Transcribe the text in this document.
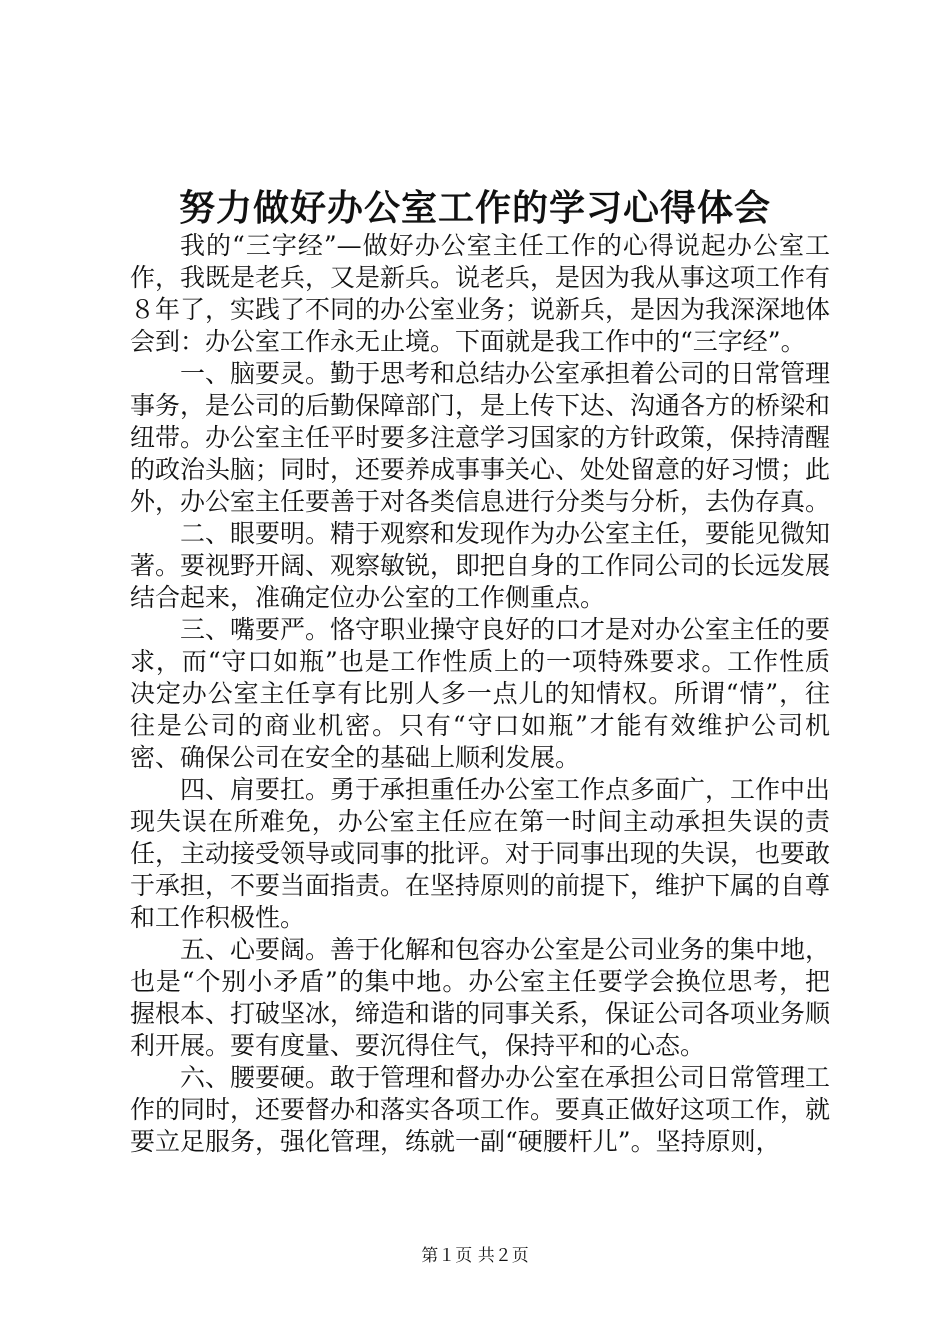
努力做好办公室工作的学习心得体会

我的“三字经”—做好办公室主任工作的心得说起办公室工作，我既是老兵，又是新兵。说老兵，是因为我从事这项工作有８年了，实践了不同的办公室业务；说新兵，是因为我深深地体会到：办公室工作永无止境。下面就是我工作中的“三字经”。

一、脑要灵。勤于思考和总结办公室承担着公司的日常管理事务，是公司的后勤保障部门，是上传下达、沟通各方的桥梁和纽带。办公室主任平时要多注意学习国家的方针政策，保持清醒的政治头脑；同时，还要养成事事关心、处处留意的好习惯；此外，办公室主任要善于对各类信息进行分类与分析，去伪存真。

二、眼要明。精于观察和发现作为办公室主任，要能见微知著。要视野开阔、观察敏锐，即把自身的工作同公司的长远发展结合起来，准确定位办公室的工作侧重点。

三、嘴要严。恪守职业操守良好的口才是对办公室主任的要求，而“守口如瓶”也是工作性质上的一项特殊要求。工作性质决定办公室主任享有比别人多一点儿的知情权。所谓“情”，往往是公司的商业机密。只有“守口如瓶”才能有效维护公司机密、确保公司在安全的基础上顺利发展。

四、肩要扛。勇于承担重任办公室工作点多面广，工作中出现失误在所难免，办公室主任应在第一时间主动承担失误的责任，主动接受领导或同事的批评。对于同事出现的失误，也要敢于承担，不要当面指责。在坚持原则的前提下，维护下属的自尊和工作积极性。

五、心要阔。善于化解和包容办公室是公司业务的集中地，也是“个别小矛盾”的集中地。办公室主任要学会换位思考，把握根本、打破坚冰，缔造和谐的同事关系，保证公司各项业务顺利开展。要有度量、要沉得住气，保持平和的心态。

六、腰要硬。敢于管理和督办办公室在承担公司日常管理工作的同时，还要督办和落实各项工作。要真正做好这项工作，就要立足服务，强化管理，练就一副“硬腰杆儿”。坚持原则，

第１页 共２页
